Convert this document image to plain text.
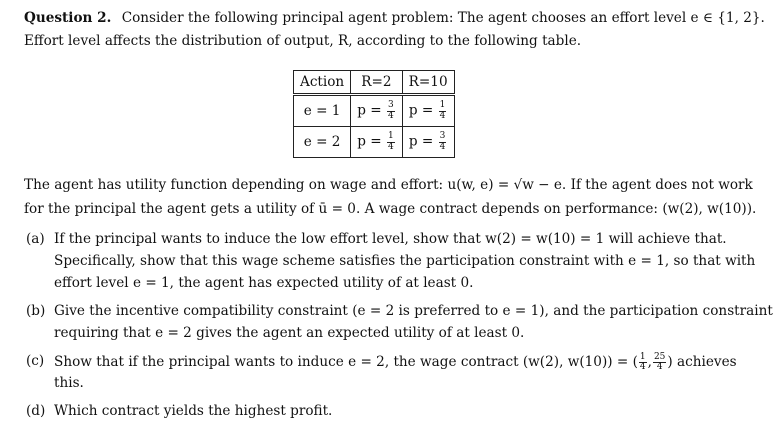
Question 2. Consider the following principal agent problem: The agent chooses an effort level e ∈ {1, 2}.
Effort level affects the distribution of output, R, according to the following table.
Action	R=2	R=10
e = 1	$p = \frac{3}{4}$	$p = \frac{1}{4}$

e = 2	$p = \frac{1}{4}$	$p = \frac{3}{4}$
The agent has utility function depending on wage and effort: u(w, e) = √w − e. If the agent does not work
for the principal the agent gets a utility of ū = 0. A wage contract depends on performance: (w(2), w(10)).
(a) If the principal wants to induce the low effort level, show that w(2) = w(10) = 1 will achieve that.
Specifically, show that this wage scheme satisfies the participation constraint with e = 1, so that with
effort level e = 1, the agent has expected utility of at least 0.
(b) Give the incentive compatibility constraint (e = 2 is preferred to e = 1), and the participation constraint
requiring that e = 2 gives the agent an expected utility of at least 0.
(c) Show that if the principal wants to induce e = 2, the wage contract (w(2), w(10)) = ( $\frac{1}{4}$ , $\frac{25}{4}$ ) achieves
this.
(d) Which contract yields the highest profit.
